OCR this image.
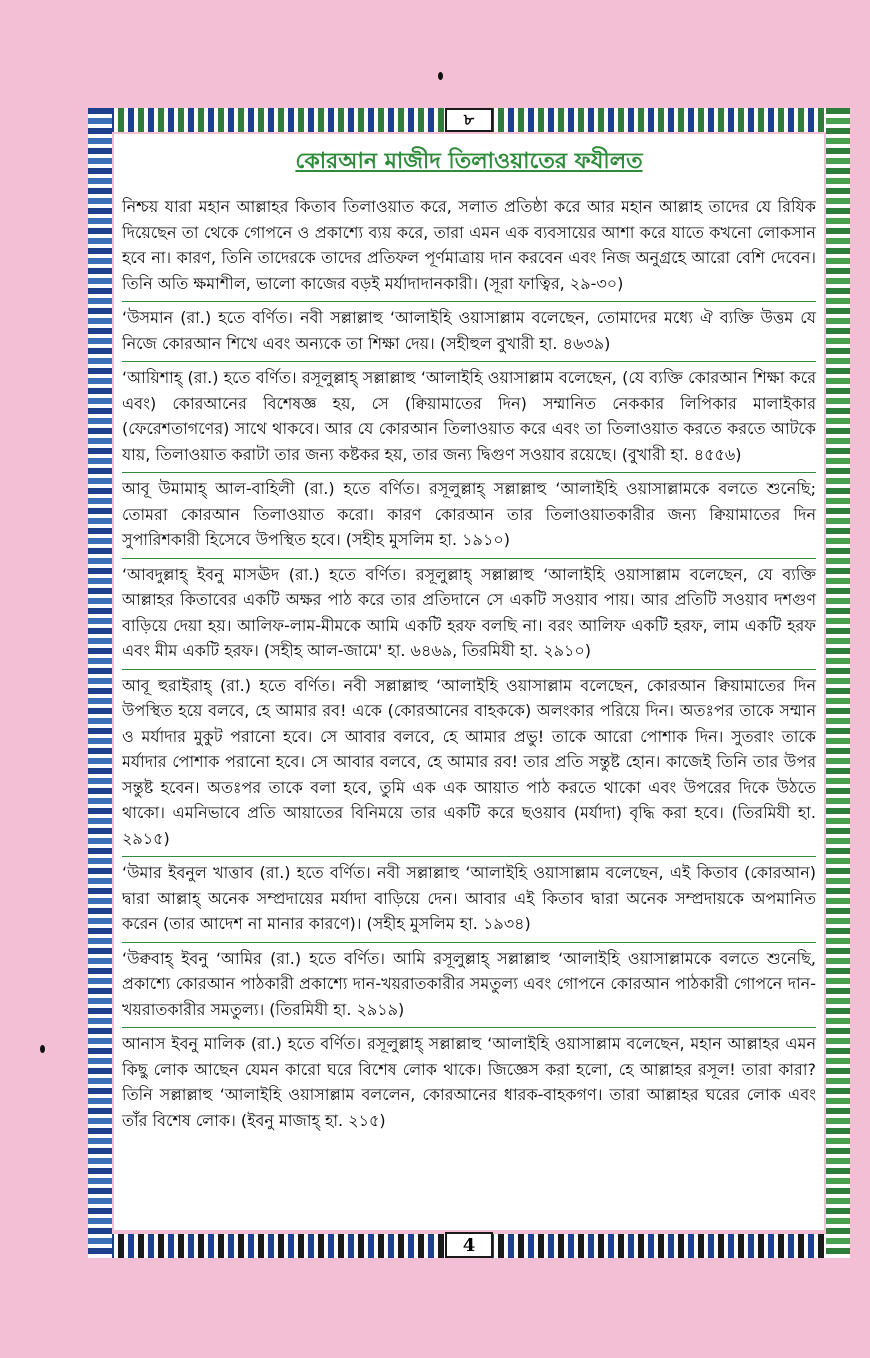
৮
4
কোরআন মাজীদ তিলাওয়াতের ফযীলত

নিশ্চয় যারা মহান আল্লাহর কিতাব তিলাওয়াত করে, সলাত প্রতিষ্ঠা করে আর মহান আল্লাহ তাদের যে রিযিক দিয়েছেন তা থেকে গোপনে ও প্রকাশ্যে ব্যয় করে, তারা এমন এক ব্যবসায়ের আশা করে যাতে কখনো লোকসান হবে না। কারণ, তিনি তাদেরকে তাদের প্রতিফল পূর্ণমাত্রায় দান করবেন এবং নিজ অনুগ্রহে আরো বেশি দেবেন। তিনি অতি ক্ষমাশীল, ভালো কাজের বড়ই মর্যাদাদানকারী। (সূরা ফাত্বির, ২৯-৩০)

‘উসমান (রা.) হতে বর্ণিত। নবী সল্লাল্লাহু ‘আলাইহি ওয়াসাল্লাম বলেছেন, তোমাদের মধ্যে ঐ ব্যক্তি উত্তম যে নিজে কোরআন শিখে এবং অন্যকে তা শিক্ষা দেয়। (সহীহুল বুখারী হা. ৪৬৩৯)

‘আয়িশাহ্ (রা.) হতে বর্ণিত। রসূলুল্লাহ্ সল্লাল্লাহু ‘আলাইহি ওয়াসাল্লাম বলেছেন, (যে ব্যক্তি কোরআন শিক্ষা করে এবং) কোরআনের বিশেষজ্ঞ হয়, সে (ক্বিয়ামাতের দিন) সম্মানিত নেককার লিপিকার মালাইকার (ফেরেশতাগণের) সাথে থাকবে। আর যে কোরআন তিলাওয়াত করে এবং তা তিলাওয়াত করতে করতে আটকে যায়, তিলাওয়াত করাটা তার জন্য কষ্টকর হয়, তার জন্য দ্বিগুণ সওয়াব রয়েছে। (বুখারী হা. ৪৫৫৬)

আবূ উমামাহ্ আল-বাহিলী (রা.) হতে বর্ণিত। রসূলুল্লাহ্ সল্লাল্লাহু ‘আলাইহি ওয়াসাল্লামকে বলতে শুনেছি; তোমরা কোরআন তিলাওয়াত করো। কারণ কোরআন তার তিলাওয়াতকারীর জন্য ক্বিয়ামাতের দিন সুপারিশকারী হিসেবে উপস্থিত হবে। (সহীহ মুসলিম হা. ১৯১০)

‘আবদুল্লাহ্ ইবনু মাসঊদ (রা.) হতে বর্ণিত। রসূলুল্লাহ্ সল্লাল্লাহু ‘আলাইহি ওয়াসাল্লাম বলেছেন, যে ব্যক্তি আল্লাহর কিতাবের একটি অক্ষর পাঠ করে তার প্রতিদানে সে একটি সওয়াব পায়। আর প্রতিটি সওয়াব দশগুণ বাড়িয়ে দেয়া হয়। আলিফ-লাম-মীমকে আমি একটি হরফ বলছি না। বরং আলিফ একটি হরফ, লাম একটি হরফ এবং মীম একটি হরফ। (সহীহ আল-জামে' হা. ৬৪৬৯, তিরমিযী হা. ২৯১০)

আবূ হুরাইরাহ্ (রা.) হতে বর্ণিত। নবী সল্লাল্লাহু ‘আলাইহি ওয়াসাল্লাম বলেছেন, কোরআন ক্বিয়ামাতের দিন উপস্থিত হয়ে বলবে, হে আমার রব! একে (কোরআনের বাহককে) অলংকার পরিয়ে দিন। অতঃপর তাকে সম্মান ও মর্যাদার মুকুট পরানো হবে। সে আবার বলবে, হে আমার প্রভু! তাকে আরো পোশাক দিন। সুতরাং তাকে মর্যাদার পোশাক পরানো হবে। সে আবার বলবে, হে আমার রব! তার প্রতি সন্তুষ্ট হোন। কাজেই তিনি তার উপর সন্তুষ্ট হবেন। অতঃপর তাকে বলা হবে, তুমি এক এক আয়াত পাঠ করতে থাকো এবং উপরের দিকে উঠতে থাকো। এমনিভাবে প্রতি আয়াতের বিনিময়ে তার একটি করে ছওয়াব (মর্যাদা) বৃদ্ধি করা হবে। (তিরমিযী হা. ২৯১৫)

‘উমার ইবনুল খাত্তাব (রা.) হতে বর্ণিত। নবী সল্লাল্লাহু ‘আলাইহি ওয়াসাল্লাম বলেছেন, এই কিতাব (কোরআন) দ্বারা আল্লাহ্ অনেক সম্প্রদায়ের মর্যাদা বাড়িয়ে দেন। আবার এই কিতাব দ্বারা অনেক সম্প্রদায়কে অপমানিত করেন (তার আদেশ না মানার কারণে)। (সহীহ মুসলিম হা. ১৯৩৪)

‘উক্ববাহ্ ইবনু ‘আমির (রা.) হতে বর্ণিত। আমি রসূলুল্লাহ্ সল্লাল্লাহু ‘আলাইহি ওয়াসাল্লামকে বলতে শুনেছি, প্রকাশ্যে কোরআন পাঠকারী প্রকাশ্যে দান-খয়রাতকারীর সমতুল্য এবং গোপনে কোরআন পাঠকারী গোপনে দান-খয়রাতকারীর সমতুল্য। (তিরমিযী হা. ২৯১৯)

আনাস ইবনু মালিক (রা.) হতে বর্ণিত। রসূলুল্লাহ্ সল্লাল্লাহু ‘আলাইহি ওয়াসাল্লাম বলেছেন, মহান আল্লাহর এমন কিছু লোক আছেন যেমন কারো ঘরে বিশেষ লোক থাকে। জিজ্ঞেস করা হলো, হে আল্লাহর রসূল! তারা কারা? তিনি সল্লাল্লাহু ‘আলাইহি ওয়াসাল্লাম বললেন, কোরআনের ধারক-বাহকগণ। তারা আল্লাহর ঘরের লোক এবং তাঁর বিশেষ লোক। (ইবনু মাজাহ্ হা. ২১৫)
